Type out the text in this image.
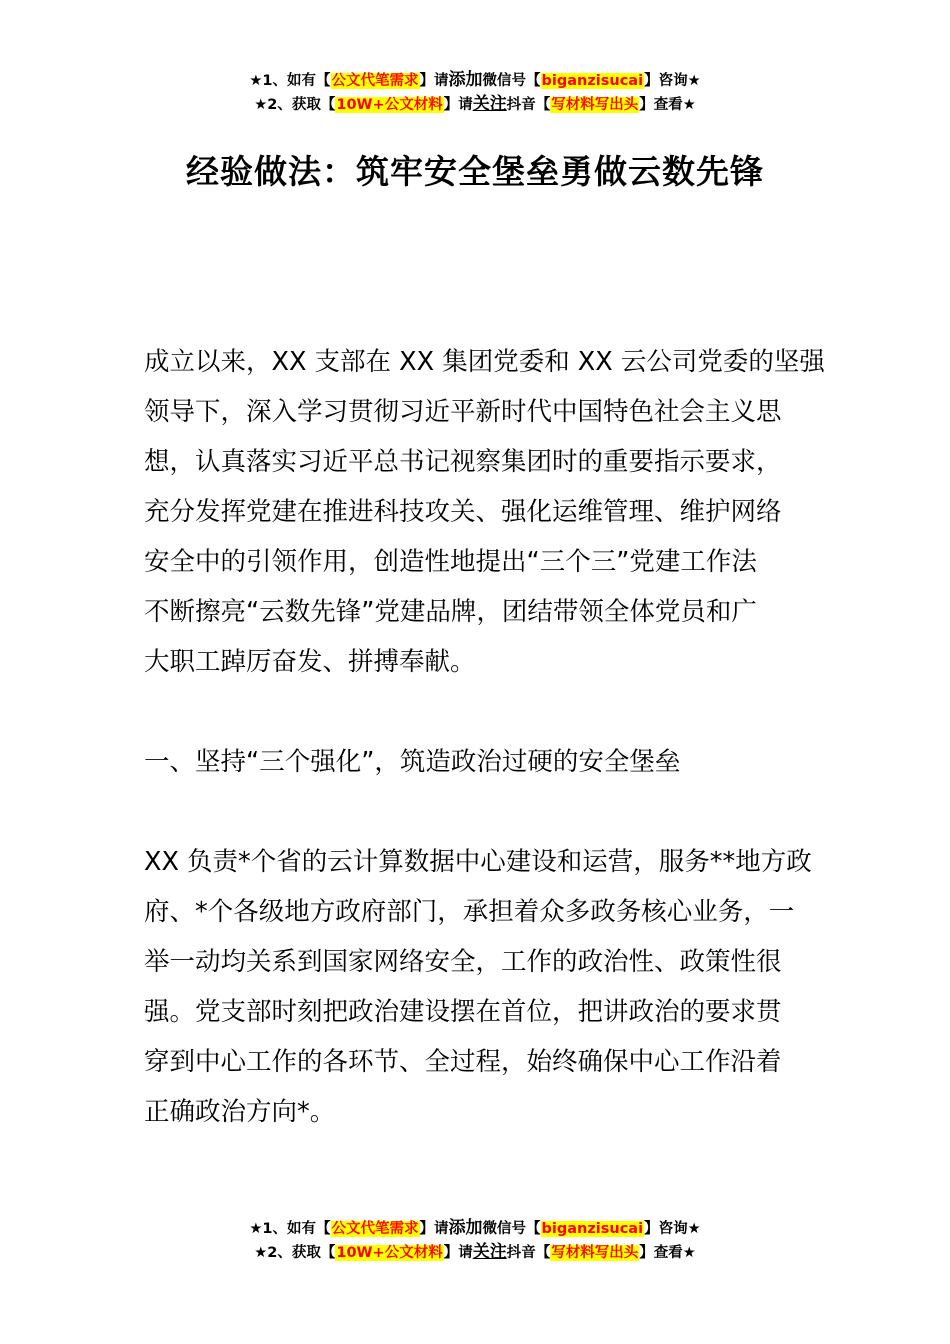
★1、如有【公文代笔需求】请添加微信号【biganzisucai】咨询★
★2、获取【10W+公文材料】请关注抖音【写材料写出头】查看★
经验做法：筑牢安全堡垒勇做云数先锋
成立以来，XX 支部在 XX 集团党委和 XX 云公司党委的坚强
领导下，深入学习贯彻习近平新时代中国特色社会主义思
想，认真落实习近平总书记视察集团时的重要指示要求，
充分发挥党建在推进科技攻关、强化运维管理、维护网络
安全中的引领作用，创造性地提出“三个三”党建工作法
不断擦亮“云数先锋”党建品牌，团结带领全体党员和广
大职工踔厉奋发、拼搏奉献。
一、坚持“三个强化”，筑造政治过硬的安全堡垒
XX 负责*个省的云计算数据中心建设和运营，服务**地方政
府、*个各级地方政府部门，承担着众多政务核心业务，一
举一动均关系到国家网络安全，工作的政治性、政策性很
强。党支部时刻把政治建设摆在首位，把讲政治的要求贯
穿到中心工作的各环节、全过程，始终确保中心工作沿着
正确政治方向*。
★1、如有【公文代笔需求】请添加微信号【biganzisucai】咨询★
★2、获取【10W+公文材料】请关注抖音【写材料写出头】查看★
